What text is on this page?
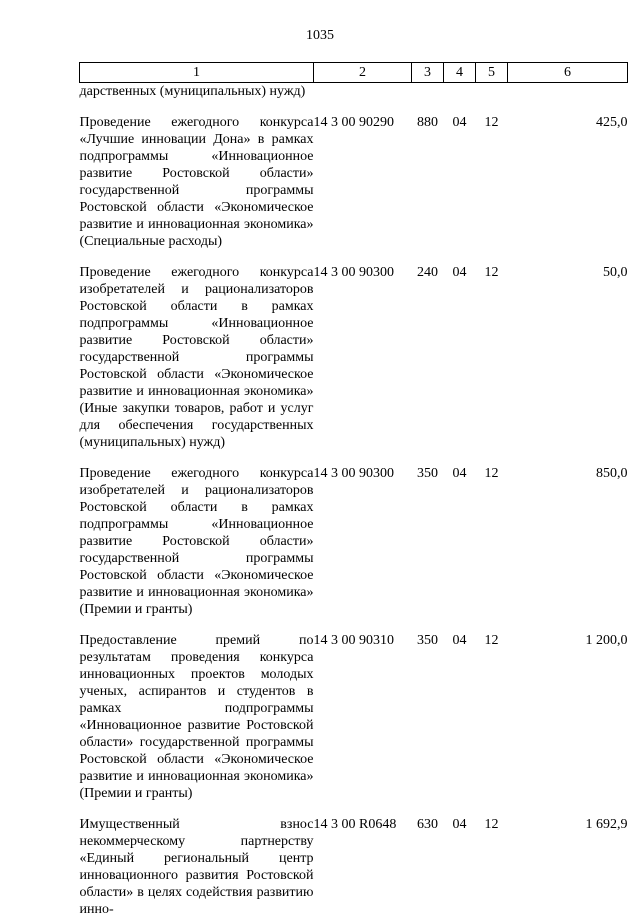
1035
1	2	3	4	5	6
дарственных (муниципальных) нужд)					

Проведение ежегодного конкурса «Лучшие инновации Дона» в рамках подпрограммы «Инновационное развитие Ростовской области» государственной программы Ростовской области «Экономическое развитие и инновационная экономика» (Специальные расходы)	14 3 00 90290	880	04	12	425,0

Проведение ежегодного конкурса изобретателей и рационализаторов Ростовской области в рамках подпрограммы «Инновационное развитие Ростовской области» государственной программы Ростовской области «Экономическое развитие и инновационная экономика» (Иные закупки товаров, работ и услуг для обеспечения государственных (муниципальных) нужд)	14 3 00 90300	240	04	12	50,0

Проведение ежегодного конкурса изобретателей и рационализаторов Ростовской области в рамках подпрограммы «Инновационное развитие Ростовской области» государственной программы Ростовской области «Экономическое развитие и инновационная экономика» (Премии и гранты)	14 3 00 90300	350	04	12	850,0

Предоставление премий по результатам проведения конкурса инновационных проектов молодых ученых, аспирантов и студентов в рамках подпрограммы «Инновационное развитие Ростовской области» государственной программы Ростовской области «Экономическое развитие и инновационная экономика» (Премии и гранты)	14 3 00 90310	350	04	12	1 200,0

Имущественный взнос некоммерческому партнерству «Единый региональный центр инновационного развития Ростовской области» в целях содействия развитию инно-	14 3 00 R0648	630	04	12	1 692,9
